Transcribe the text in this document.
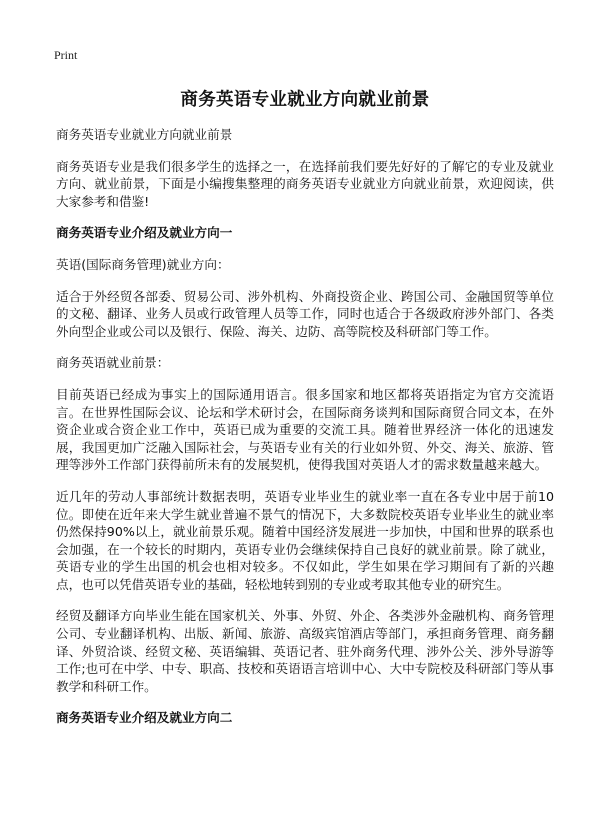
Print
商务英语专业就业方向就业前景
商务英语专业就业方向就业前景
商务英语专业是我们很多学生的选择之一，在选择前我们要先好好的了解它的专业及就业方向、就业前景，下面是小编搜集整理的商务英语专业就业方向就业前景，欢迎阅读，供大家参考和借鉴!
商务英语专业介绍及就业方向一
英语(国际商务管理)就业方向：
适合于外经贸各部委、贸易公司、涉外机构、外商投资企业、跨国公司、金融国贸等单位的文秘、翻译、业务人员或行政管理人员等工作，同时也适合于各级政府涉外部门、各类外向型企业或公司以及银行、保险、海关、边防、高等院校及科研部门等工作。
商务英语就业前景：
目前英语已经成为事实上的国际通用语言。很多国家和地区都将英语指定为官方交流语言。在世界性国际会议、论坛和学术研讨会，在国际商务谈判和国际商贸合同文本，在外资企业或合资企业工作中，英语已成为重要的交流工具。随着世界经济一体化的迅速发展，我国更加广泛融入国际社会，与英语专业有关的行业如外贸、外交、海关、旅游、管理等涉外工作部门获得前所未有的发展契机，使得我国对英语人才的需求数量越来越大。
近几年的劳动人事部统计数据表明，英语专业毕业生的就业率一直在各专业中居于前10位。即使在近年来大学生就业普遍不景气的情况下，大多数院校英语专业毕业生的就业率仍然保持90%以上，就业前景乐观。随着中国经济发展进一步加快，中国和世界的联系也会加强，在一个较长的时期内，英语专业仍会继续保持自己良好的就业前景。除了就业，英语专业的学生出国的机会也相对较多。不仅如此，学生如果在学习期间有了新的兴趣点，也可以凭借英语专业的基础，轻松地转到别的专业或考取其他专业的研究生。
经贸及翻译方向毕业生能在国家机关、外事、外贸、外企、各类涉外金融机构、商务管理公司、专业翻译机构、出版、新闻、旅游、高级宾馆酒店等部门，承担商务管理、商务翻译、外贸洽谈、经贸文秘、英语编辑、英语记者、驻外商务代理、涉外公关、涉外导游等工作;也可在中学、中专、职高、技校和英语语言培训中心、大中专院校及科研部门等从事教学和科研工作。
商务英语专业介绍及就业方向二
